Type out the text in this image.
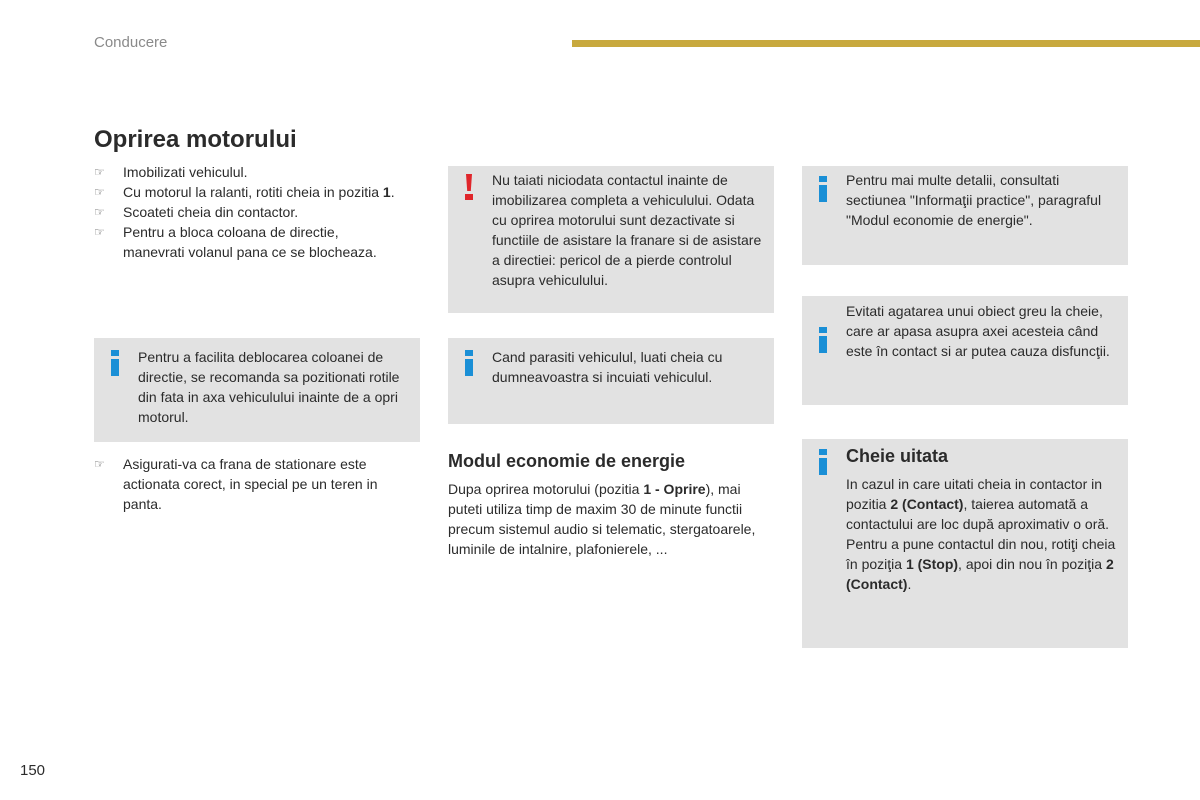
Conducere
Oprirea motorului
☞ Imobilizati vehiculul.
☞ Cu motorul la ralanti, rotiti cheia in pozitia 1.
☞ Scoateti cheia din contactor.
☞ Pentru a bloca coloana de directie, manevrati volanul pana ce se blocheaza.
Pentru a facilita deblocarea coloanei de directie, se recomanda sa pozitionati rotile din fata in axa vehiculului inainte de a opri motorul.
☞ Asigurati-va ca frana de stationare este actionata corect, in special pe un teren in panta.
Nu taiati niciodata contactul inainte de imobilizarea completa a vehiculului. Odata cu oprirea motorului sunt dezactivate si functiile de asistare la franare si de asistare a directiei: pericol de a pierde controlul asupra vehiculului.
Cand parasiti vehiculul, luati cheia cu dumneavoastra si incuiati vehiculul.
Modul economie de energie

Dupa oprirea motorului (pozitia 1 - Oprire), mai puteti utiliza timp de maxim 30 de minute functii precum sistemul audio si telematic, stergatoarele, luminile de intalnire, plafonierele, ...

Pentru mai multe detalii, consultati sectiunea "Informaţii practice", paragraful "Modul economie de energie".
Evitati agatarea unui obiect greu la cheie, care ar apasa asupra axei acesteia când este în contact si ar putea cauza disfuncţii.
Cheie uitata
In cazul in care uitati cheia in contactor in pozitia 2 (Contact), taierea automată a contactului are loc după aproximativ o oră.
Pentru a pune contactul din nou, rotiţi cheia în poziţia 1 (Stop), apoi din nou în poziţia 2 (Contact).
150
